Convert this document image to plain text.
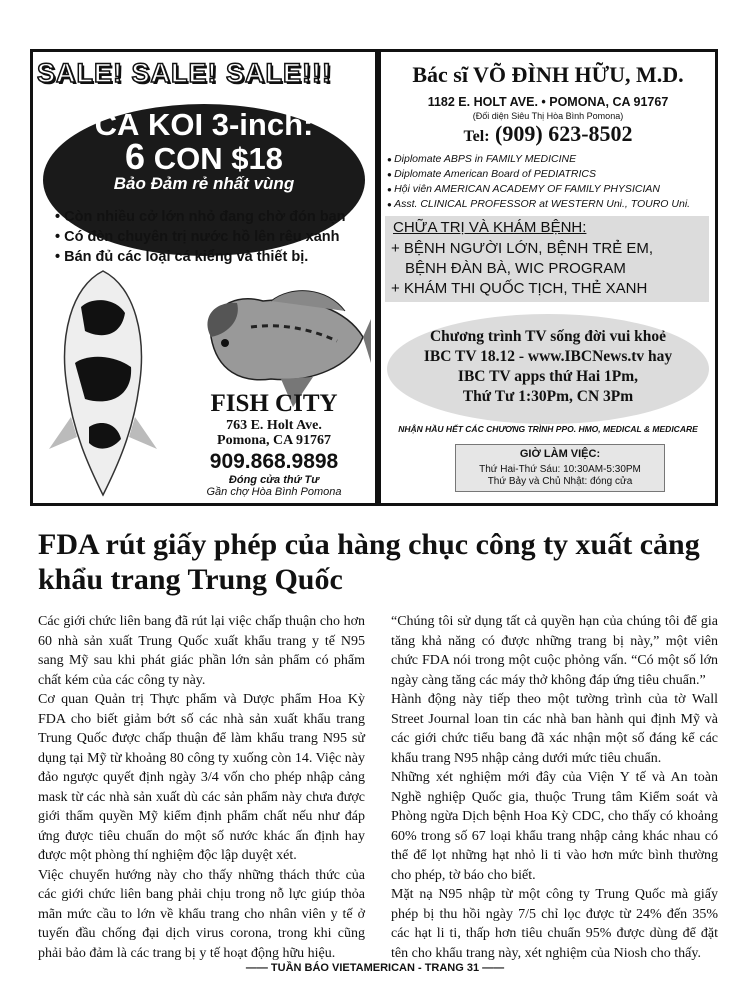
SALE! SALE! SALE!!!
CÁ KOI 3-inch:
6 CON $18
Bảo Đảm rẻ nhất vùng
• Còn nhiều cở lớn nhỏ đang chờ đón bạn
• Có đèn chuyên trị nước hồ lên rêu xanh
• Bán đủ các loại cá kiểng và thiết bị.
FISH CITY
763 E. Holt Ave.
Pomona, CA 91767
909.868.9898
Đóng cửa thứ Tư
Gần chợ Hòa Bình Pomona
Bác sĩ VÕ ĐÌNH HỮU, M.D.
1182 E. HOLT AVE. • POMONA, CA 91767
(Đối diện Siêu Thị Hòa Bình Pomona)
Tel: (909) 623-8502
● Diplomate ABPS in FAMILY MEDICINE
● Diplomate American Board of PEDIATRICS
● Hội viên AMERICAN ACADEMY OF FAMILY PHYSICIAN
● Asst. CLINICAL PROFESSOR at WESTERN Uni., TOURO Uni.
CHỮA TRỊ VÀ KHÁM BỆNH:
+ BỆNH NGƯỜI LỚN, BỆNH TRẺ EM,
BỆNH ĐÀN BÀ, WIC PROGRAM
+ KHÁM THI QUỐC TỊCH, THẺ XANH
Chương trình TV sống đời vui khoẻ
IBC TV 18.12 - www.IBCNews.tv hay
IBC TV apps thứ Hai 1Pm,
Thứ Tư 1:30Pm, CN 3Pm
NHẬN HẦU HẾT CÁC CHƯƠNG TRÌNH PPO. HMO, MEDICAL & MEDICARE
GIỜ LÀM VIỆC:
Thứ Hai-Thứ Sáu: 10:30AM-5:30PM
Thứ Bảy và Chủ Nhật: đóng cửa
FDA rút giấy phép của hàng chục công ty xuất cảng khẩu trang Trung Quốc

Các giới chức liên bang đã rút lại việc chấp thuận cho hơn 60 nhà sản xuất Trung Quốc xuất khẩu trang y tế N95 sang Mỹ sau khi phát giác phần lớn sản phẩm có phẩm chất kém của các công ty này.

Cơ quan Quản trị Thực phẩm và Dược phẩm Hoa Kỳ FDA cho biết giảm bớt số các nhà sản xuất khẩu trang Trung Quốc được chấp thuận để làm khẩu trang N95 sử dụng tại Mỹ từ khoảng 80 công ty xuống còn 14. Việc này đảo ngược quyết định ngày 3/4 vốn cho phép nhập cảng mask từ các nhà sản xuất dù các sản phẩm này chưa được giới thẩm quyền Mỹ kiểm định phẩm chất nếu như đáp ứng được tiêu chuẩn do một số nước khác ấn định hay được một phòng thí nghiệm độc lập duyệt xét.

Việc chuyển hướng này cho thấy những thách thức của các giới chức liên bang phải chịu trong nỗ lực giúp thỏa mãn mức cầu to lớn về khẩu trang cho nhân viên y tế ở tuyến đầu chống đại dịch virus corona, trong khi cũng phải bảo đảm là các trang bị y tế hoạt động hữu hiệu.

“Chúng tôi sử dụng tất cả quyền hạn của chúng tôi để gia tăng khả năng có được những trang bị này,” một viên chức FDA nói trong một cuộc phỏng vấn. “Có một số lớn ngày càng tăng các máy thở không đáp ứng tiêu chuẩn.”

Hành động này tiếp theo một tường trình của tờ Wall Street Journal loan tin các nhà ban hành qui định Mỹ và các giới chức tiểu bang đã xác nhận một số đáng kể các khẩu trang N95 nhập cảng dưới mức tiêu chuẩn.

Những xét nghiệm mới đây của Viện Y tế và An toàn Nghề nghiệp Quốc gia, thuộc Trung tâm Kiểm soát và Phòng ngừa Dịch bệnh Hoa Kỳ CDC, cho thấy có khoảng 60% trong số 67 loại khẩu trang nhập cảng khác nhau có thể để lọt những hạt nhỏ li ti vào hơn mức bình thường cho phép, tờ báo cho biết.

Mặt nạ N95 nhập từ một công ty Trung Quốc mà giấy phép bị thu hồi ngày 7/5 chỉ lọc được từ 24% đến 35% các hạt li ti, thấp hơn tiêu chuẩn 95% được dùng để đặt tên cho khẩu trang này, xét nghiệm của Niosh cho thấy.

—— TUẦN BÁO VIETAMERICAN - TRANG 31 ——
